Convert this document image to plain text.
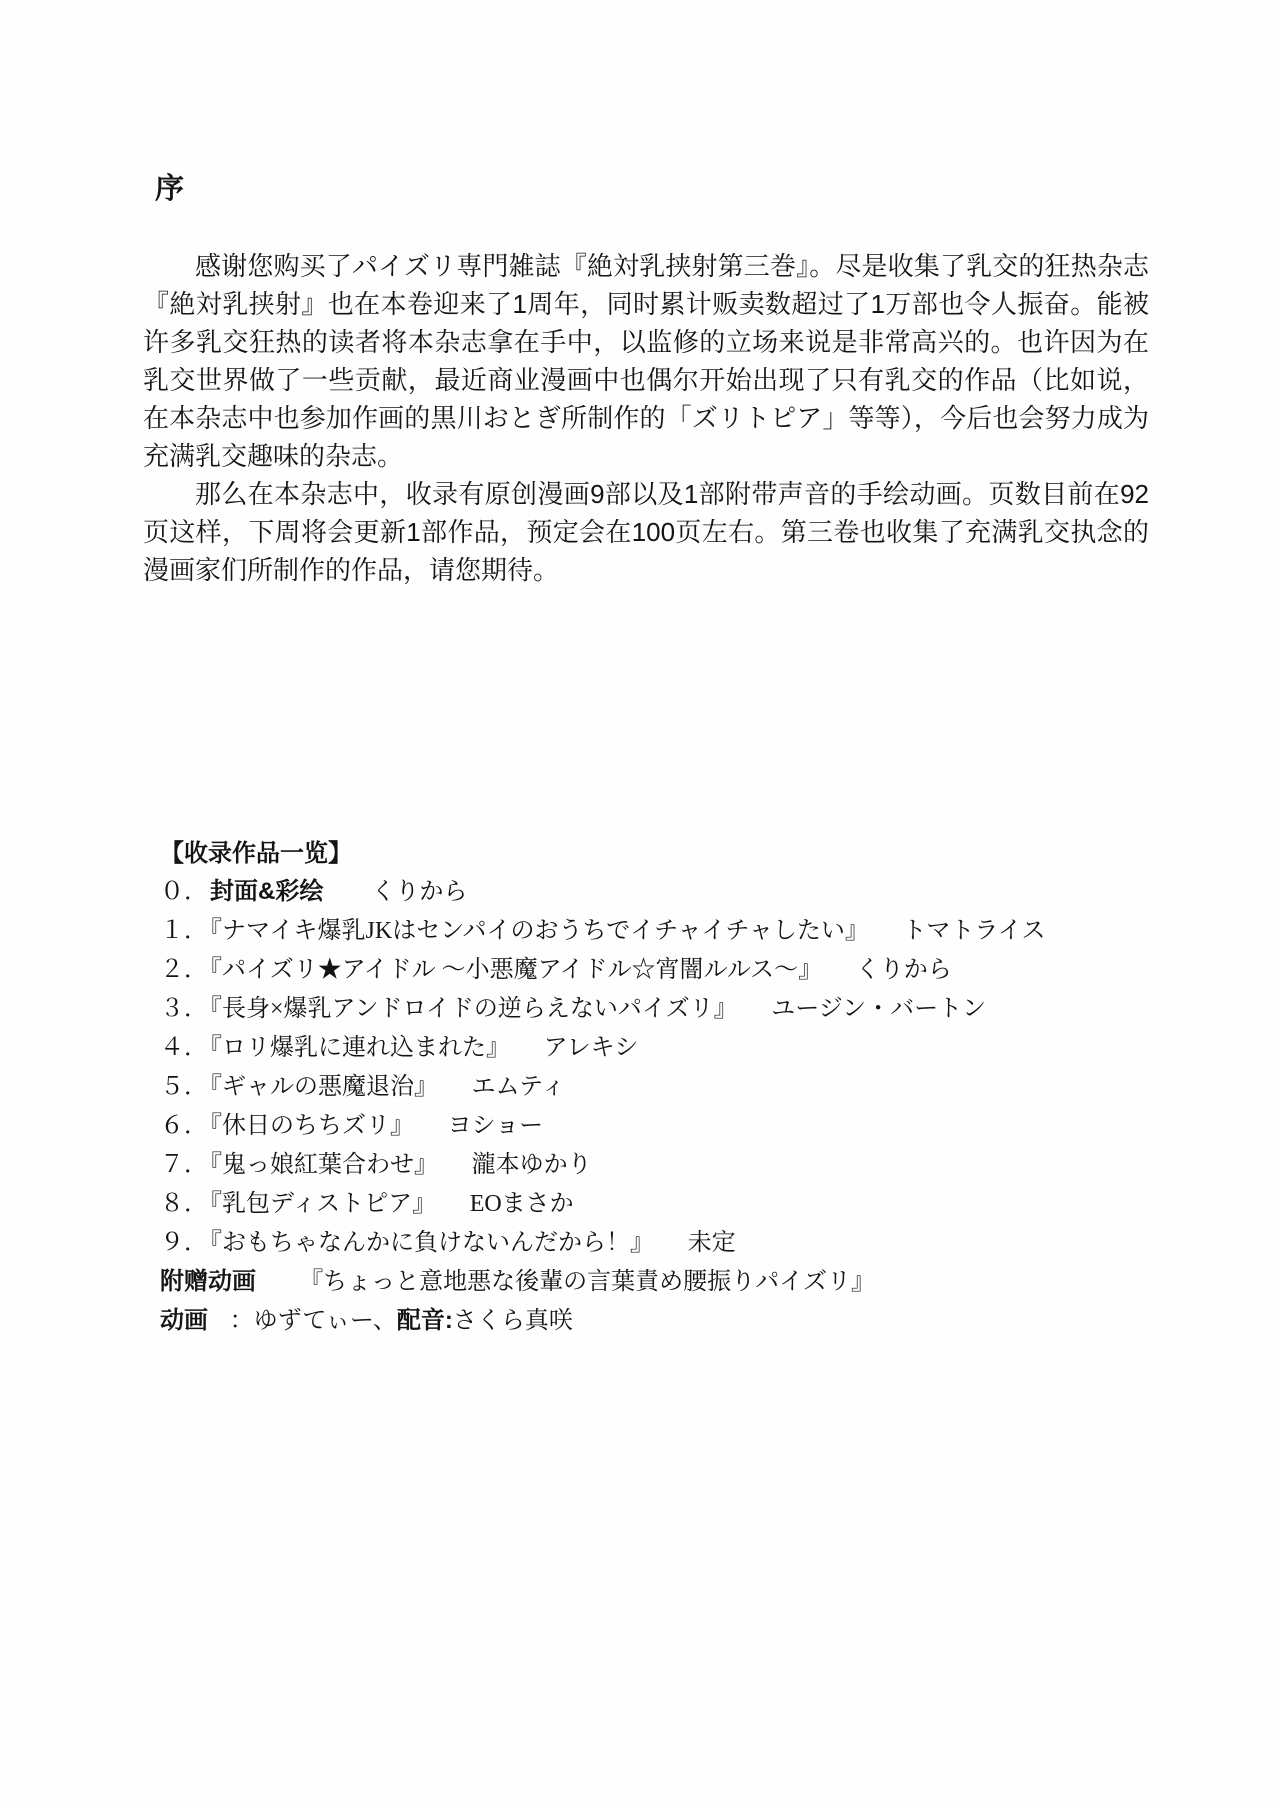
序

感谢您购买了パイズリ専門雑誌『絶対乳挟射第三巻』。尽是收集了乳交的狂热杂志『絶対乳挟射』也在本卷迎来了1周年，同时累计贩卖数超过了1万部也令人振奋。能被许多乳交狂热的读者将本杂志拿在手中，以监修的立场来说是非常高兴的。也许因为在乳交世界做了一些贡献，最近商业漫画中也偶尔开始出现了只有乳交的作品（比如说，在本杂志中也参加作画的黒川おとぎ所制作的「ズリトピア」等等），今后也会努力成为充满乳交趣味的杂志。

那么在本杂志中，收录有原创漫画9部以及1部附带声音的手绘动画。页数目前在92页这样，下周将会更新1部作品，预定会在100页左右。第三卷也收集了充满乳交执念的漫画家们所制作的作品，请您期待。

【收录作品一览】
０．封面&彩绘 くりから
１．『ナマイキ爆乳JKはセンパイのおうちでイチャイチャしたい』 トマトライス
２．『パイズリ★アイドル ～小悪魔アイドル☆宵闇ルルス～』 くりから
３．『長身×爆乳アンドロイドの逆らえないパイズリ』 ユージン・バートン
４．『ロリ爆乳に連れ込まれた』 アレキシ
５．『ギャルの悪魔退治』 エムティ
６．『休日のちちズリ』 ヨショー
７．『鬼っ娘紅葉合わせ』 瀧本ゆかり
８．『乳包ディストピア』 EOまさか
９．『おもちゃなんかに負けないんだから！』 未定
附赠动画 『ちょっと意地悪な後輩の言葉責め腰振りパイズリ』
动画 ：ゆずてぃー、配音:さくら真咲
